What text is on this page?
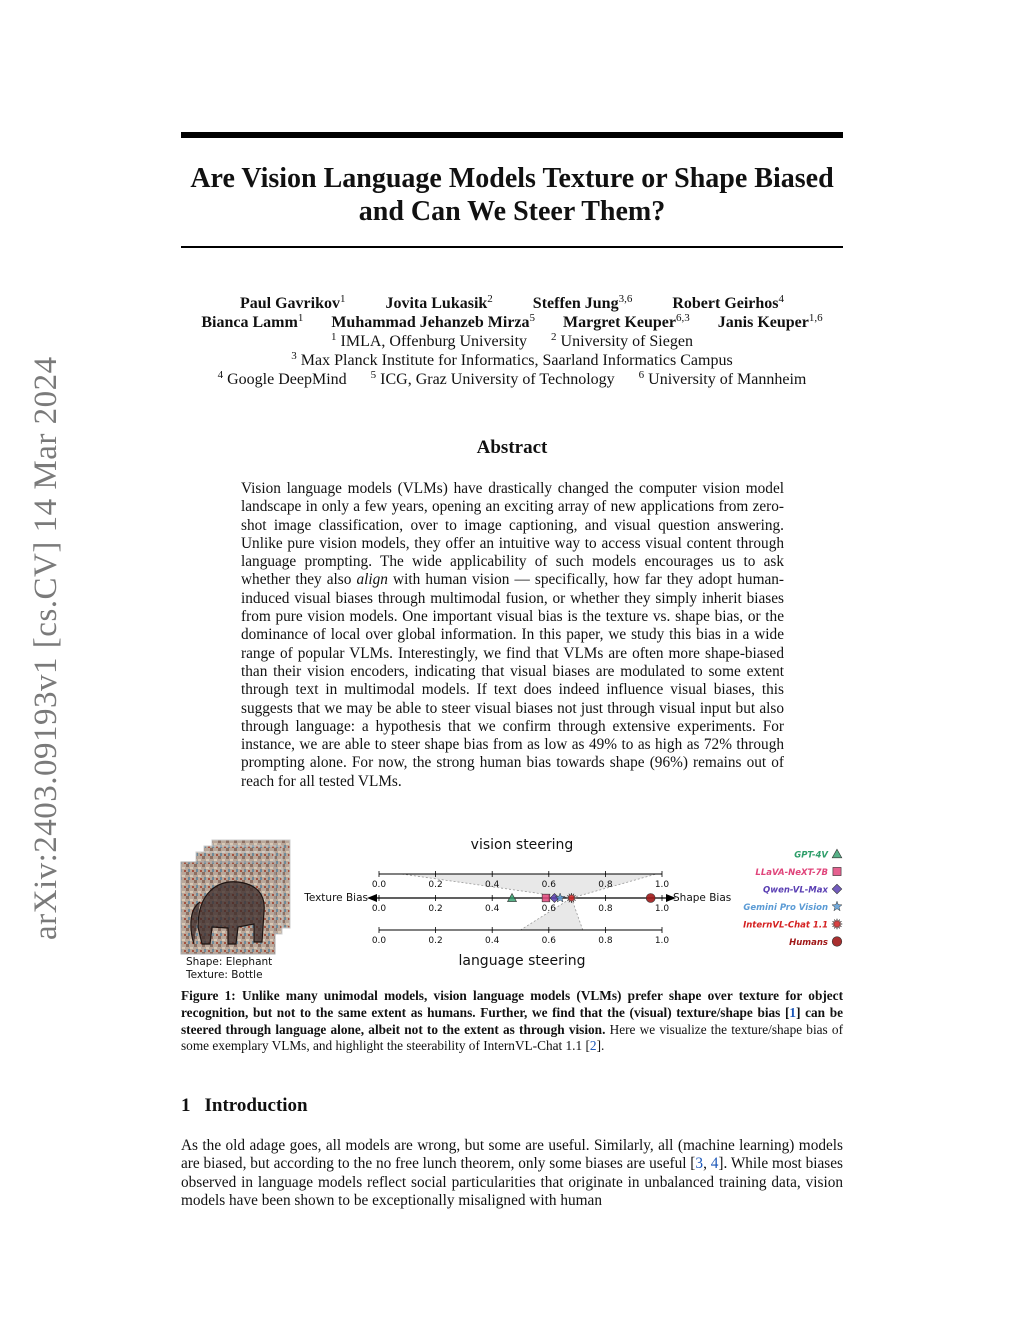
arXiv:2403.09193v1 [cs.CV] 14 Mar 2024
Are Vision Language Models Texture or Shape Biased
and Can We Steer Them?
Paul Gavrikov$^1$	Jovita Lukasik$^2$	Steffen Jung$^{3,6}$	Robert Geirhos$^4$
Bianca Lamm$^1$ Muhammad Jehanzeb Mirza$^5$ Margret Keuper$^{6,3}$ Janis Keuper$^{1,6}$
$^1$ IMLA, Offenburg University $^2$ University of Siegen
$^3$ Max Planck Institute for Informatics, Saarland Informatics Campus
$^4$ Google DeepMind $^5$ ICG, Graz University of Technology $^6$ University of Mannheim
Abstract

Vision language models (VLMs) have drastically changed the computer vision model landscape in only a few years, opening an exciting array of new applications from zero-shot image classification, over to image captioning, and visual question answering. Unlike pure vision models, they offer an intuitive way to access visual content through language prompting. The wide applicability of such models encourages us to ask whether they also align with human vision — specifically, how far they adopt human-induced visual biases through multimodal fusion, or whether they simply inherit biases from pure vision models. One important visual bias is the texture vs. shape bias, or the dominance of local over global information. In this paper, we study this bias in a wide range of popular VLMs. Interestingly, we find that VLMs are often more shape-biased than their vision encoders, indicating that visual biases are modulated to some extent through text in multimodal models. If text does indeed influence visual biases, this suggests that we may be able to steer visual biases not just through visual input but also through language: a hypothesis that we confirm through extensive experiments. For instance, we are able to steer shape bias from as low as 49% to as high as 72% through prompting alone. For now, the strong human bias towards shape (96%) remains out of reach for all tested VLMs.

Shape: Elephant
Texture: Bottle
vision steering
language steering
0.0	0.2	0.4	0.6	0.8	1.0
0.0	0.2	0.4	0.6	0.8	1.0
0.0	0.2	0.4	0.6	0.8	1.0
Texture Bias	Shape Bias
GPT-4V
LLaVA-NeXT-7B
Qwen-VL-Max
Gemini Pro Vision
InternVL-Chat 1.1
Humans

Figure 1: Unlike many unimodal models, vision language models (VLMs) prefer shape over texture for object recognition, but not to the same extent as humans. Further, we find that the (visual) texture/shape bias [1] can be steered through language alone, albeit not to the extent as through vision. Here we visualize the texture/shape bias of some exemplary VLMs, and highlight the steerability of InternVL-Chat 1.1 [2].

1 Introduction

As the old adage goes, all models are wrong, but some are useful. Similarly, all (machine learning) models are biased, but according to the no free lunch theorem, only some biases are useful [3, 4]. While most biases observed in language models reflect social particularities that originate in unbalanced training data, vision models have been shown to be exceptionally misaligned with human
